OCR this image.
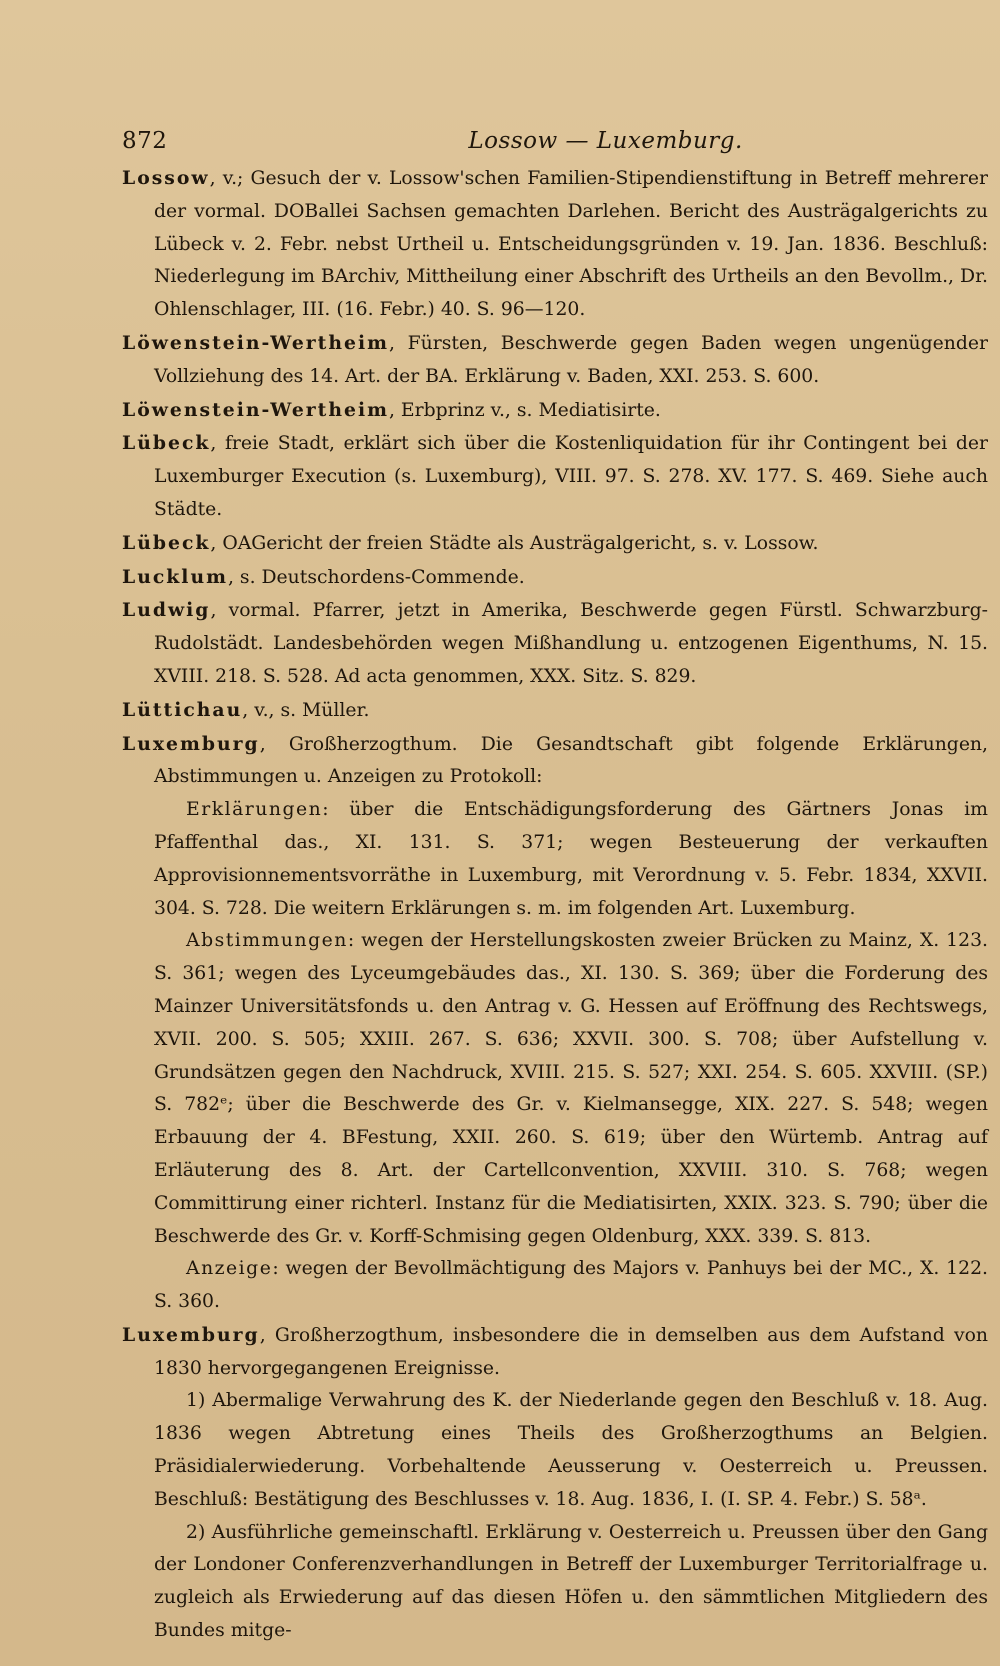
872	Lossow — Luxemburg.

Lossow, v.; Gesuch der v. Lossow'schen Familien-Stipendienstiftung in Betreff mehrerer der vormal. DOBallei Sachsen gemachten Darlehen. Bericht des Austrägalgerichts zu Lübeck v. 2. Febr. nebst Urtheil u. Entscheidungsgründen v. 19. Jan. 1836. Beschluß: Niederlegung im BArchiv, Mittheilung einer Abschrift des Urtheils an den Bevollm., Dr. Ohlenschlager, III. (16. Febr.) 40. S. 96—120.

Löwenstein-Wertheim, Fürsten, Beschwerde gegen Baden wegen ungenügender Vollziehung des 14. Art. der BA. Erklärung v. Baden, XXI. 253. S. 600.

Löwenstein-Wertheim, Erbprinz v., s. Mediatisirte.

Lübeck, freie Stadt, erklärt sich über die Kostenliquidation für ihr Contingent bei der Luxemburger Execution (s. Luxemburg), VIII. 97. S. 278. XV. 177. S. 469. Siehe auch Städte.

Lübeck, OAGericht der freien Städte als Austrägalgericht, s. v. Lossow.

Lucklum, s. Deutschordens-Commende.

Ludwig, vormal. Pfarrer, jetzt in Amerika, Beschwerde gegen Fürstl. Schwarzburg-Rudolstädt. Landesbehörden wegen Mißhandlung u. entzogenen Eigenthums, N. 15. XVIII. 218. S. 528. Ad acta genommen, XXX. Sitz. S. 829.

Lüttichau, v., s. Müller.

Luxemburg, Großherzogthum. Die Gesandtschaft gibt folgende Erklärungen, Abstimmungen u. Anzeigen zu Protokoll:

Erklärungen: über die Entschädigungsforderung des Gärtners Jonas im Pfaffenthal das., XI. 131. S. 371; wegen Besteuerung der verkauften Approvisionnementsvorräthe in Luxemburg, mit Verordnung v. 5. Febr. 1834, XXVII. 304. S. 728. Die weitern Erklärungen s. m. im folgenden Art. Luxemburg.

Abstimmungen: wegen der Herstellungskosten zweier Brücken zu Mainz, X. 123. S. 361; wegen des Lyceumgebäudes das., XI. 130. S. 369; über die Forderung des Mainzer Universitätsfonds u. den Antrag v. G. Hessen auf Eröffnung des Rechtswegs, XVII. 200. S. 505; XXIII. 267. S. 636; XXVII. 300. S. 708; über Aufstellung v. Grundsätzen gegen den Nachdruck, XVIII. 215. S. 527; XXI. 254. S. 605. XXVIII. (SP.) S. 782ᵉ; über die Beschwerde des Gr. v. Kielmansegge, XIX. 227. S. 548; wegen Erbauung der 4. BFestung, XXII. 260. S. 619; über den Würtemb. Antrag auf Erläuterung des 8. Art. der Cartellconvention, XXVIII. 310. S. 768; wegen Committirung einer richterl. Instanz für die Mediatisirten, XXIX. 323. S. 790; über die Beschwerde des Gr. v. Korff-Schmising gegen Oldenburg, XXX. 339. S. 813.

Anzeige: wegen der Bevollmächtigung des Majors v. Panhuys bei der MC., X. 122. S. 360.

Luxemburg, Großherzogthum, insbesondere die in demselben aus dem Aufstand von 1830 hervorgegangenen Ereignisse.

1) Abermalige Verwahrung des K. der Niederlande gegen den Beschluß v. 18. Aug. 1836 wegen Abtretung eines Theils des Großherzogthums an Belgien. Präsidialerwiederung. Vorbehaltende Aeusserung v. Oesterreich u. Preussen. Beschluß: Bestätigung des Beschlusses v. 18. Aug. 1836, I. (I. SP. 4. Febr.) S. 58ᵃ.

2) Ausführliche gemeinschaftl. Erklärung v. Oesterreich u. Preussen über den Gang der Londoner Conferenzverhandlungen in Betreff der Luxemburger Territorialfrage u. zugleich als Erwiederung auf das diesen Höfen u. den sämmtlichen Mitgliedern des Bundes mitge-
